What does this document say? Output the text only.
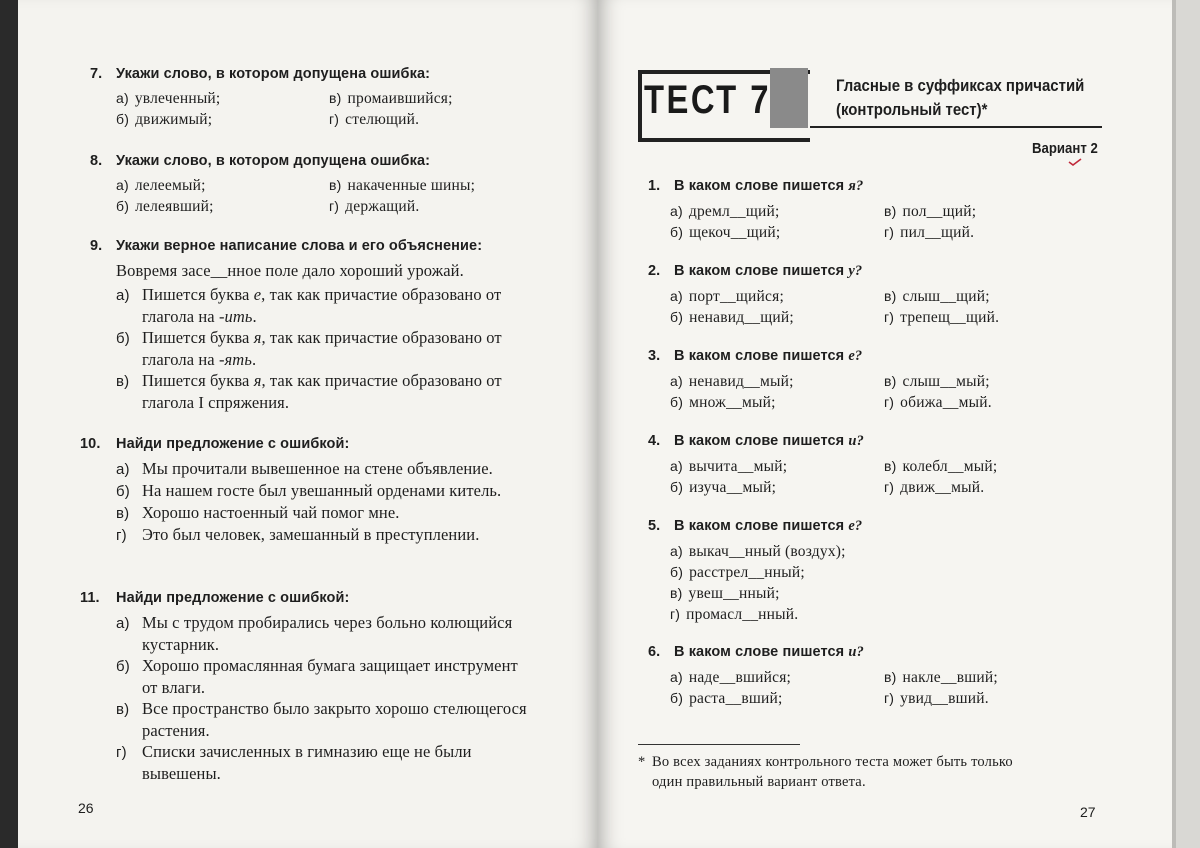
7. Укажи слово, в котором допущена ошибка:
а) увлеченный;	в) промаившийся;
б) движимый;	г) стелющий.
8. Укажи слово, в котором допущена ошибка:
а) лелеемый;	в) накаченные шины;
б) лелеявший;	г) держащий.
9. Укажи верное написание слова и его объяснение:
Вовремя засе__нное поле дало хороший урожай.
а) Пишется буква е, так как причастие образовано от глагола на -ить.
б) Пишется буква я, так как причастие образовано от глагола на -ять.
в) Пишется буква я, так как причастие образовано от глагола I спряжения.
10. Найди предложение с ошибкой:
а) Мы прочитали вывешенное на стене объявление.
б) На нашем госте был увешанный орденами китель.
в) Хорошо настоенный чай помог мне.
г) Это был человек, замешанный в преступлении.
11. Найди предложение с ошибкой:
а) Мы с трудом пробирались через больно колющийся кустарник.
б) Хорошо промаслянная бумага защищает инструмент от влаги.
в) Все пространство было закрыто хорошо стелющегося растения.
г) Списки зачисленных в гимназию еще не были вывешены.
26
ТЕСТ 7	Гласные в суффиксах причастий
(контрольный тест)*
Вариант 2
1. В каком слове пишется я?
а) дремл__щий;	в) пол__щий;
б) щекоч__щий;	г) пил__щий.
2. В каком слове пишется у?
а) порт__щийся;	в) слыш__щий;
б) ненавид__щий;	г) трепещ__щий.
3. В каком слове пишется е?
а) ненавид__мый;	в) слыш__мый;
б) множ__мый;	г) обижа__мый.
4. В каком слове пишется и?
а) вычита__мый;	в) колебл__мый;
б) изуча__мый;	г) движ__мый.
5. В каком слове пишется е?
а) выкач__нный (воздух);
б) расстрел__нный;
в) увеш__нный;
г) промасл__нный.
6. В каком слове пишется и?
а) наде__вшийся;	в) накле__вший;
б) раста__вший;	г) увид__вший.
* Во всех заданиях контрольного теста может быть только
один правильный вариант ответа.
27
